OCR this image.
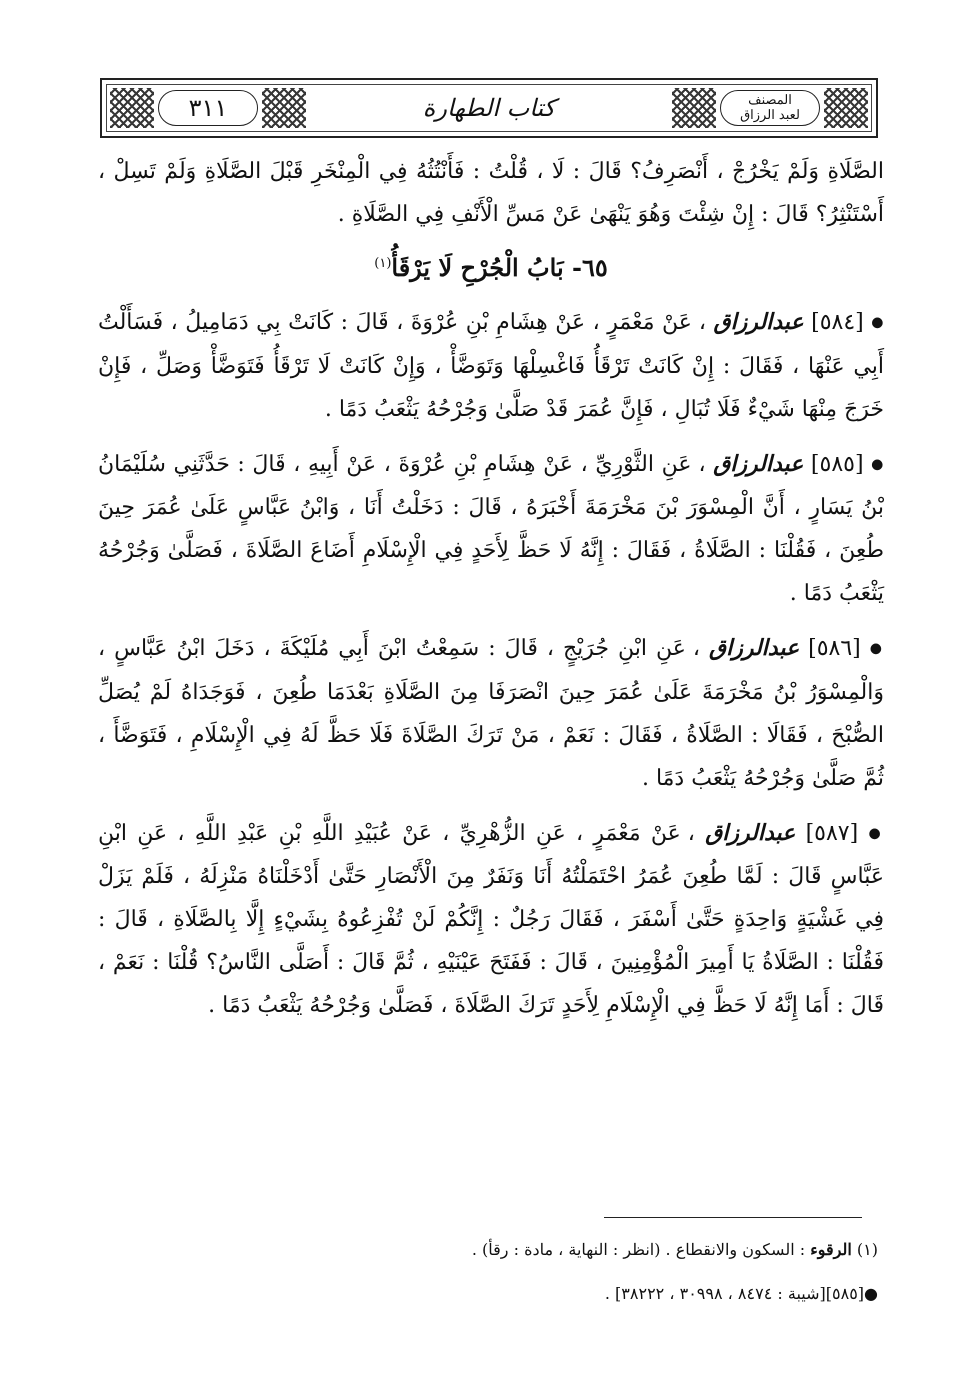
٣١١	كتاب الطهارة	المصنف
لعبد الرزاق

الصَّلَاةِ وَلَمْ يَخْرُجْ ، أَنْصَرِفُ؟ قَالَ : لَا ، قُلْتُ : فَأَنْتُثُهُ فِي الْمِنْخَرِ قَبْلَ الصَّلَاةِ وَلَمْ تَسِلْ ، أَسْتَنْثِرُ؟ قَالَ : إِنْ شِئْتَ وَهُوَ يَنْهَىٰ عَنْ مَسِّ الْأَنْفِ فِي الصَّلَاةِ .

٦٥- بَابُ الْجُرْحِ لَا يَرْقَأُ$^{(١)}$

● [٥٨٤] عبدالرزاق ، عَنْ مَعْمَرٍ ، عَنْ هِشَامِ بْنِ عُرْوَةَ ، قَالَ : كَانَتْ بِي دَمَامِيلُ ، فَسَأَلْتُ أَبِي عَنْهَا ، فَقَالَ : إِنْ كَانَتْ تَرْقَأُ فَاغْسِلْهَا وَتَوَضَّأْ ، وَإِنْ كَانَتْ لَا تَرْقَأُ فَتَوَضَّأْ وَصَلِّ ، فَإِنْ خَرَجَ مِنْهَا شَيْءٌ فَلَا تُبَالِ ، فَإِنَّ عُمَرَ قَدْ صَلَّىٰ وَجُرْحُهُ يَثْعَبُ دَمًا .

● [٥٨٥] عبدالرزاق ، عَنِ الثَّوْرِيِّ ، عَنْ هِشَامِ بْنِ عُرْوَةَ ، عَنْ أَبِيهِ ، قَالَ : حَدَّثَنِي سُلَيْمَانُ بْنُ يَسَارٍ ، أَنَّ الْمِسْوَرَ بْنَ مَخْرَمَةَ أَخْبَرَهُ ، قَالَ : دَخَلْتُ أَنَا ، وَابْنُ عَبَّاسٍ عَلَىٰ عُمَرَ حِينَ طُعِنَ ، فَقُلْنَا : الصَّلَاةُ ، فَقَالَ : إِنَّهُ لَا حَظَّ لِأَحَدٍ فِي الْإِسْلَامِ أَضَاعَ الصَّلَاةَ ، فَصَلَّىٰ وَجُرْحُهُ يَثْعَبُ دَمًا .

● [٥٨٦] عبدالرزاق ، عَنِ ابْنِ جُرَيْجٍ ، قَالَ : سَمِعْتُ ابْنَ أَبِي مُلَيْكَةَ ، دَخَلَ ابْنُ عَبَّاسٍ ، وَالْمِسْوَرُ بْنُ مَخْرَمَةَ عَلَىٰ عُمَرَ حِينَ انْصَرَفَا مِنَ الصَّلَاةِ بَعْدَمَا طُعِنَ ، فَوَجَدَاهُ لَمْ يُصَلِّ الصُّبْحَ ، فَقَالَا : الصَّلَاةُ ، فَقَالَ : نَعَمْ ، مَنْ تَرَكَ الصَّلَاةَ فَلَا حَظَّ لَهُ فِي الْإِسْلَامِ ، فَتَوَضَّأَ ، ثُمَّ صَلَّىٰ وَجُرْحُهُ يَثْعَبُ دَمًا .

● [٥٨٧] عبدالرزاق ، عَنْ مَعْمَرٍ ، عَنِ الزُّهْرِيِّ ، عَنْ عُبَيْدِ اللَّهِ بْنِ عَبْدِ اللَّهِ ، عَنِ ابْنِ عَبَّاسٍ قَالَ : لَمَّا طُعِنَ عُمَرُ احْتَمَلْتُهُ أَنَا وَنَفَرٌ مِنَ الْأَنْصَارِ حَتَّىٰ أَدْخَلْنَاهُ مَنْزِلَهُ ، فَلَمْ يَزَلْ فِي غَشْيَةٍ وَاحِدَةٍ حَتَّىٰ أَسْفَرَ ، فَقَالَ رَجُلٌ : إِنَّكُمْ لَنْ تُفْزِعُوهُ بِشَيْءٍ إِلَّا بِالصَّلَاةِ ، قَالَ : فَقُلْنَا : الصَّلَاةُ يَا أَمِيرَ الْمُؤْمِنِينَ ، قَالَ : فَفَتَحَ عَيْنَيْهِ ، ثُمَّ قَالَ : أَصَلَّى النَّاسُ؟ قُلْنَا : نَعَمْ ، قَالَ : أَمَا إِنَّهُ لَا حَظَّ فِي الْإِسْلَامِ لِأَحَدٍ تَرَكَ الصَّلَاةَ ، فَصَلَّىٰ وَجُرْحُهُ يَثْعَبُ دَمًا .

(١) الرقوء : السكون والانقطاع . (انظر : النهاية ، مادة : رقأ) .

●[٥٨٥][شيبة : ٨٤٧٤ ، ٣٠٩٩٨ ، ٣٨٢٢٢] .
